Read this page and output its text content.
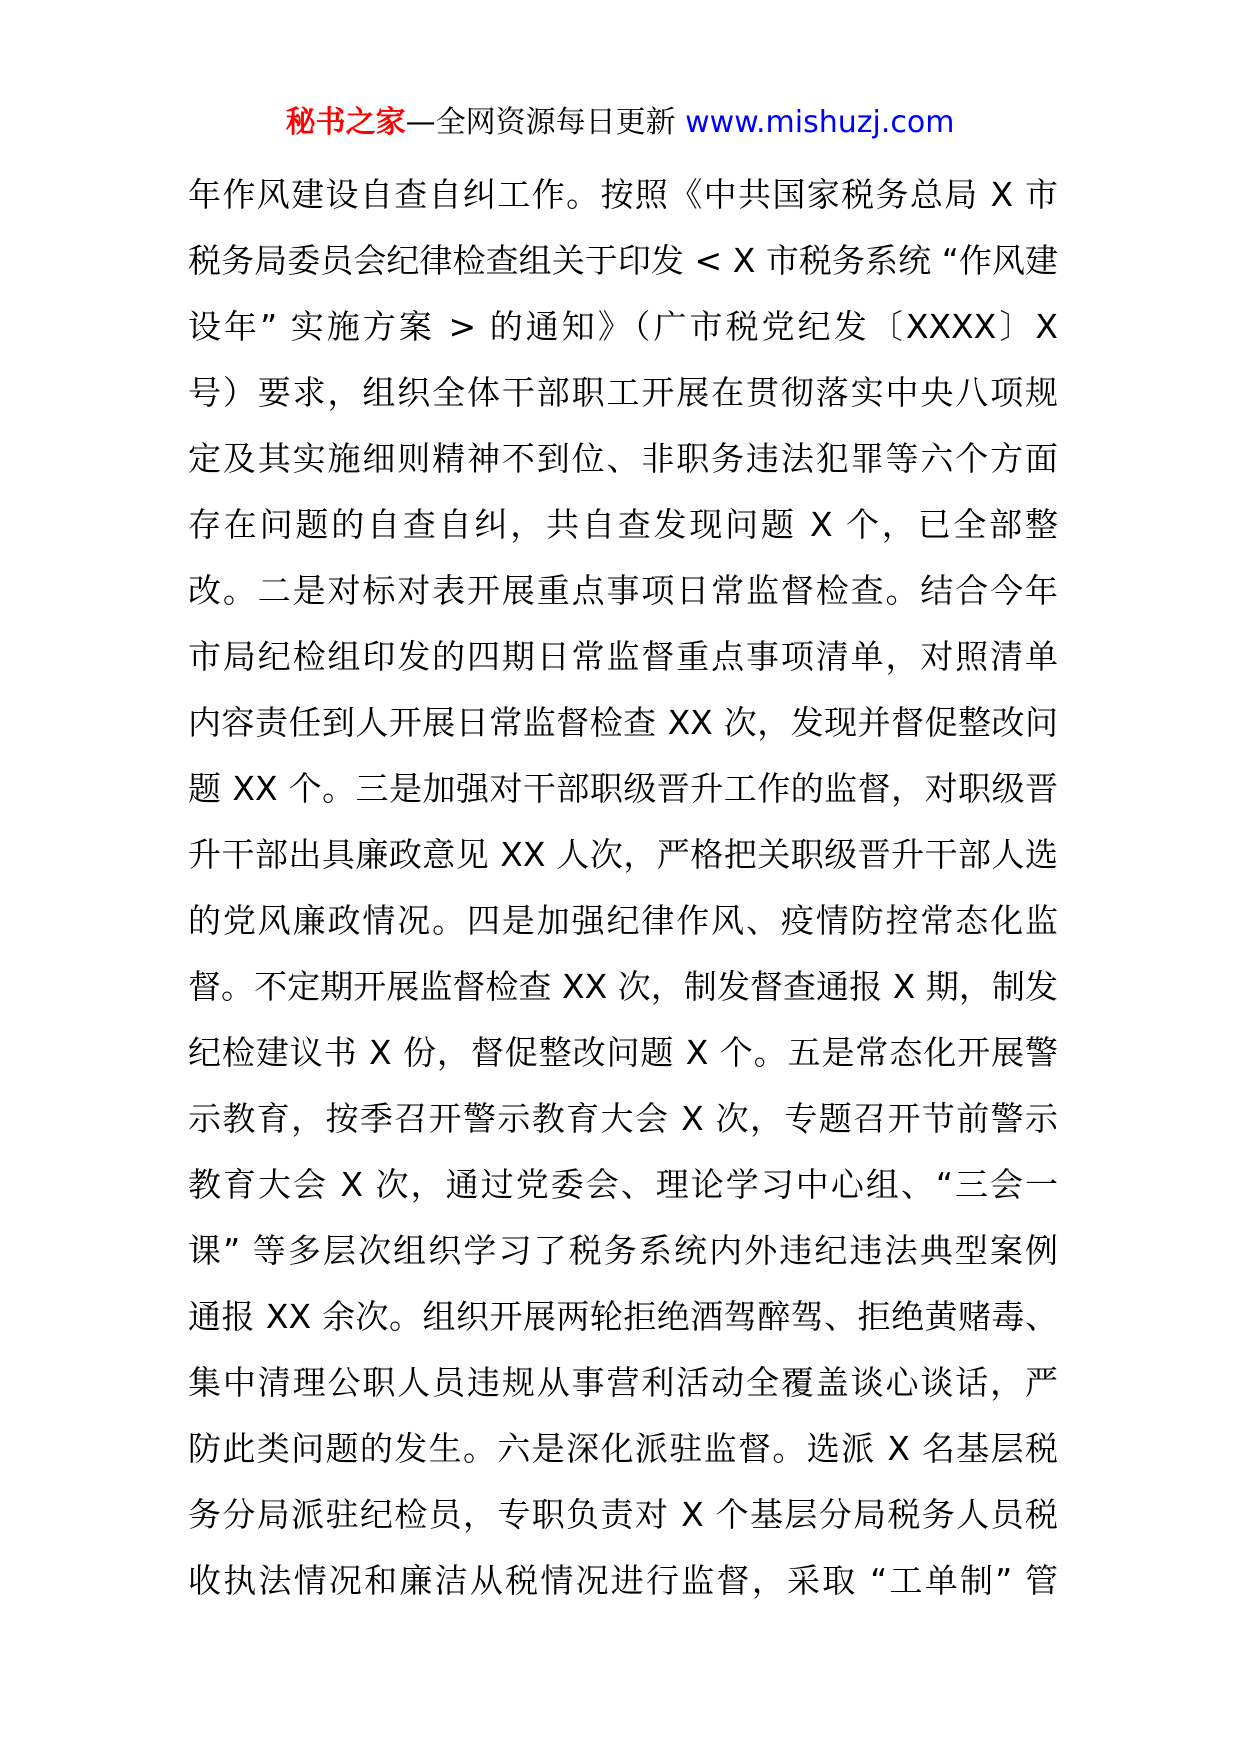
秘书之家—全网资源每日更新 www.mishuzj.com
年作风建设自查自纠工作。按照《中共国家税务总局 X 市
税务局委员会纪律检查组关于印发 < X 市税务系统 “作风建
设年” 实施方案 > 的通知》（广市税党纪发〔XXXX〕X
号）要求，组织全体干部职工开展在贯彻落实中央八项规
定及其实施细则精神不到位、非职务违法犯罪等六个方面
存在问题的自查自纠，共自查发现问题 X 个，已全部整
改。二是对标对表开展重点事项日常监督检查。结合今年
市局纪检组印发的四期日常监督重点事项清单，对照清单
内容责任到人开展日常监督检查 XX 次，发现并督促整改问
题 XX 个。三是加强对干部职级晋升工作的监督，对职级晋
升干部出具廉政意见 XX 人次，严格把关职级晋升干部人选
的党风廉政情况。四是加强纪律作风、疫情防控常态化监
督。不定期开展监督检查 XX 次，制发督查通报 X 期，制发
纪检建议书 X 份，督促整改问题 X 个。五是常态化开展警
示教育，按季召开警示教育大会 X 次，专题召开节前警示
教育大会 X 次，通过党委会、理论学习中心组、“三会一
课” 等多层次组织学习了税务系统内外违纪违法典型案例
通报 XX 余次。组织开展两轮拒绝酒驾醉驾、拒绝黄赌毒、
集中清理公职人员违规从事营利活动全覆盖谈心谈话，严
防此类问题的发生。六是深化派驻监督。选派 X 名基层税
务分局派驻纪检员，专职负责对 X 个基层分局税务人员税
收执法情况和廉洁从税情况进行监督，采取 “工单制” 管
